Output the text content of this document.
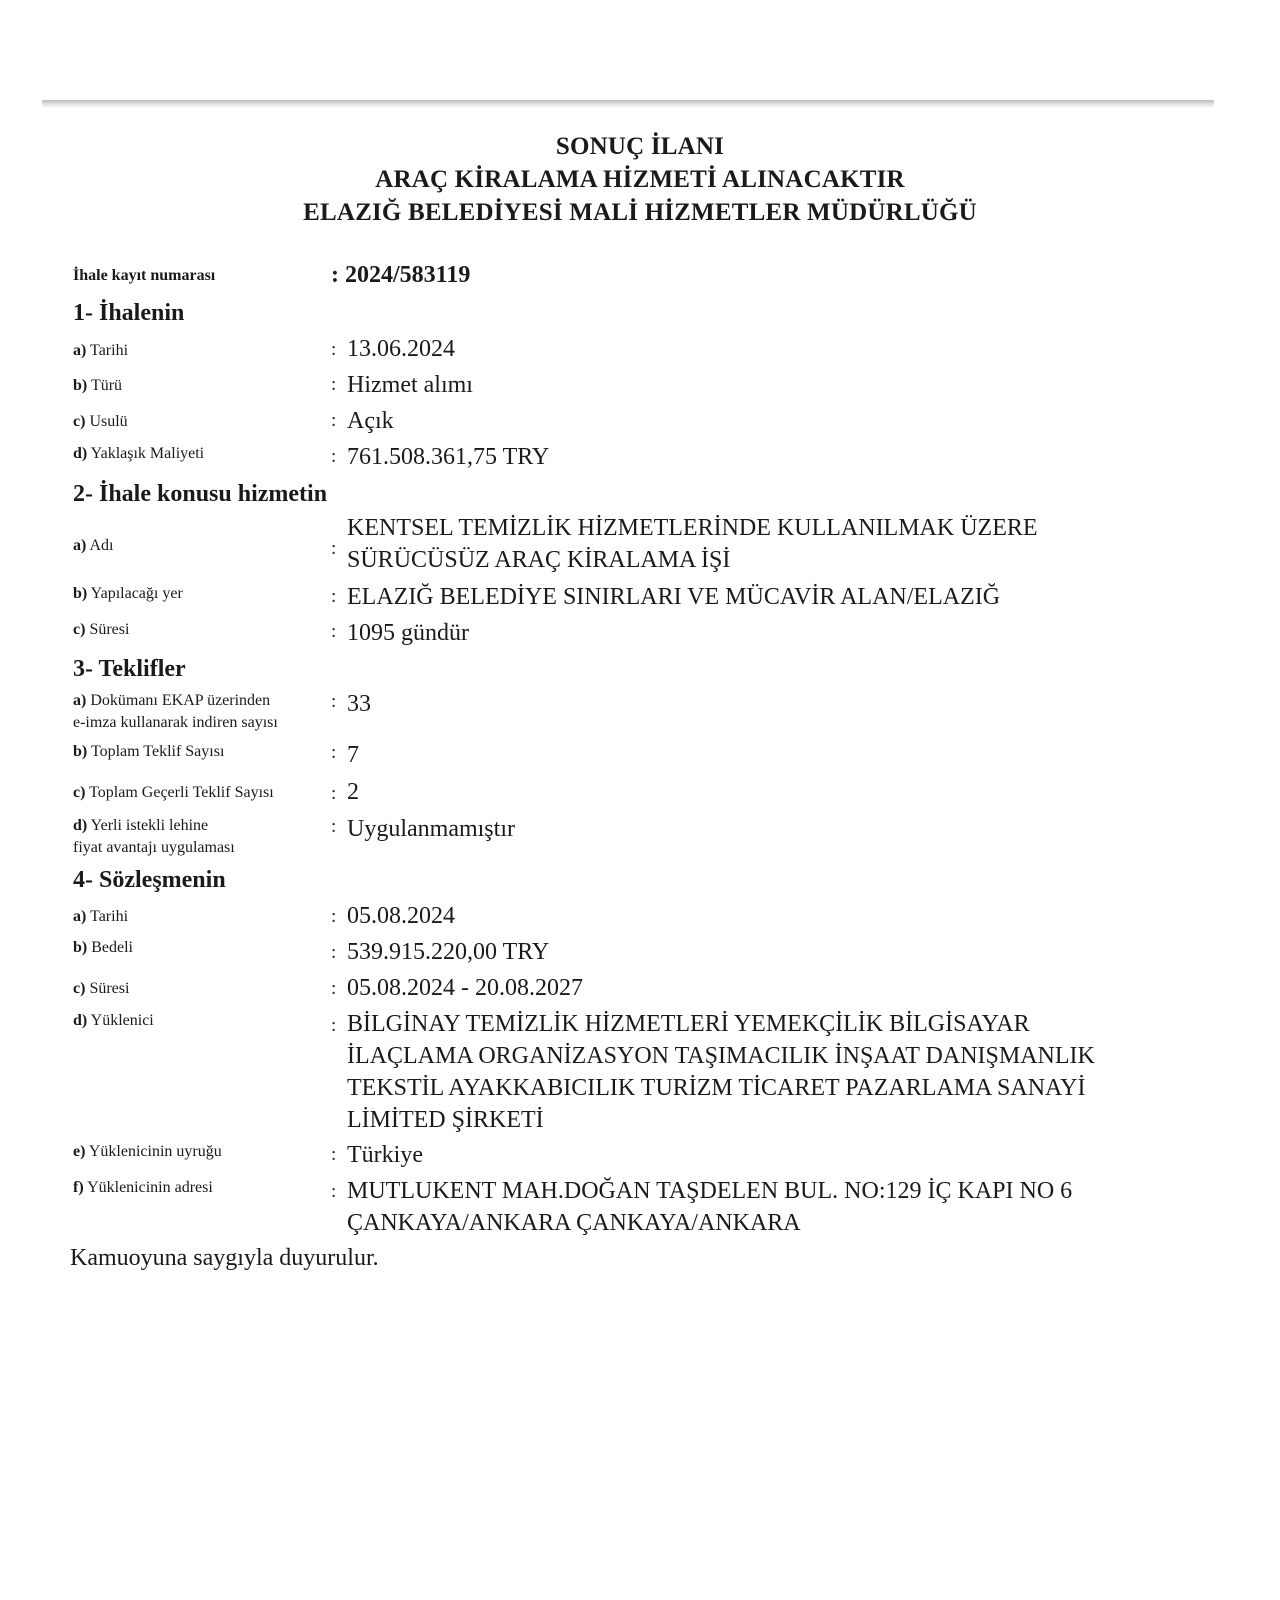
SONUÇ İLANI
ARAÇ KİRALAMA HİZMETİ ALINACAKTIR
ELAZIĞ BELEDİYESİ MALİ HİZMETLER MÜDÜRLÜĞÜ
İhale kayıt numarası	: 2024/583119
1- İhalenin
a) Tarihi	: 13.06.2024
b) Türü	: Hizmet alımı
c) Usulü	: Açık
d) Yaklaşık Maliyeti	: 761.508.361,75 TRY
2- İhale konusu hizmetin
a) Adı	:
KENTSEL TEMİZLİK HİZMETLERİNDE KULLANILMAK ÜZERE
SÜRÜCÜSÜZ ARAÇ KİRALAMA İŞİ
b) Yapılacağı yer	: ELAZIĞ BELEDİYE SINIRLARI VE MÜCAVİR ALAN/ELAZIĞ
c) Süresi	: 1095 gündür
3- Teklifler
a) Dokümanı EKAP üzerinden
e-imza kullanarak indiren sayısı
: 33
b) Toplam Teklif Sayısı	: 7
c) Toplam Geçerli Teklif Sayısı	: 2
d) Yerli istekli lehine
fiyat avantajı uygulaması
: Uygulanmamıştır
4- Sözleşmenin
a) Tarihi	: 05.08.2024
b) Bedeli	: 539.915.220,00 TRY
c) Süresi	: 05.08.2024 - 20.08.2027
d) Yüklenici	: BİLGİNAY TEMİZLİK HİZMETLERİ YEMEKÇİLİK BİLGİSAYAR
İLAÇLAMA ORGANİZASYON TAŞIMACILIK İNŞAAT DANIŞMANLIK
TEKSTİL AYAKKABICILIK TURİZM TİCARET PAZARLAMA SANAYİ
LİMİTED ŞİRKETİ
e) Yüklenicinin uyruğu	: Türkiye
f) Yüklenicinin adresi	: MUTLUKENT MAH.DOĞAN TAŞDELEN BUL. NO:129 İÇ KAPI NO 6
ÇANKAYA/ANKARA ÇANKAYA/ANKARA
Kamuoyuna saygıyla duyurulur.
